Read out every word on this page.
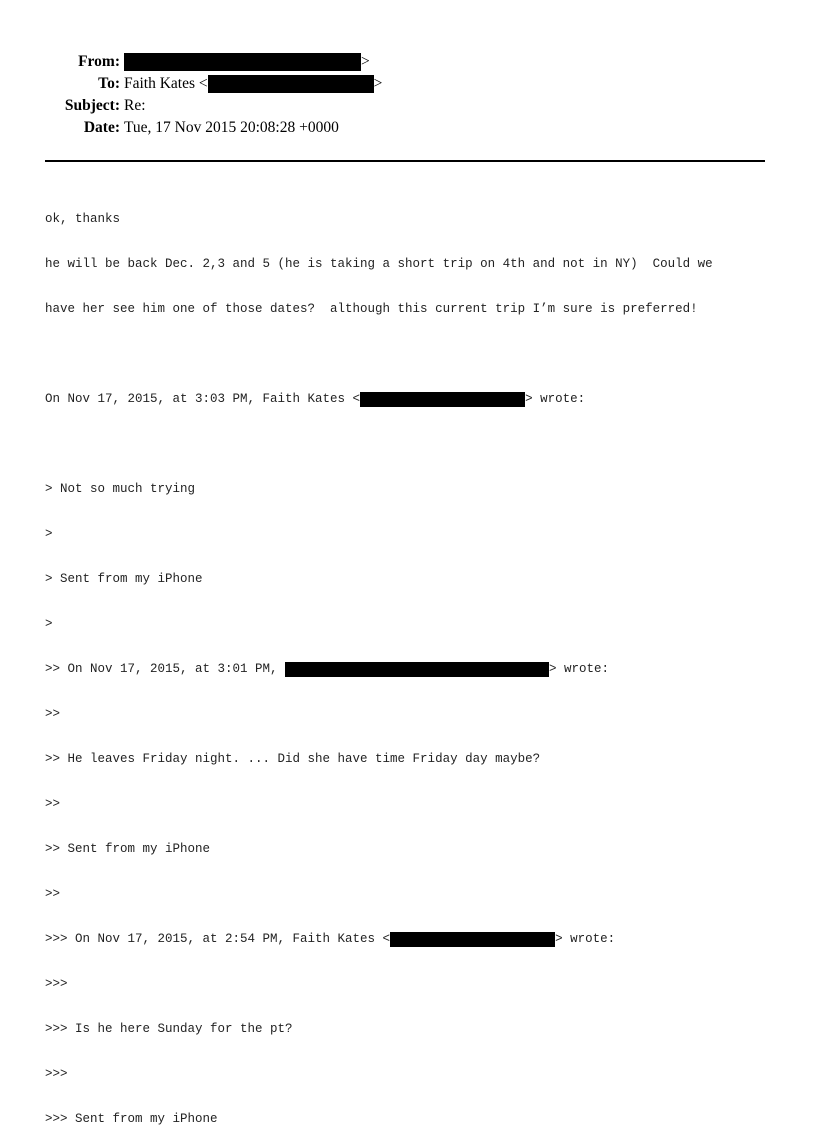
From:	>
To: Faith Kates <	>
Subject: Re:
Date: Tue, 17 Nov 2015 20:08:28 +0000

ok, thanks

he will be back Dec. 2,3 and 5 (he is taking a short trip on 4th and not in NY)  Could we

have her see him one of those dates?  although this current trip I’m sure is preferred!

On Nov 17, 2015, at 3:03 PM, Faith Kates <	> wrote:

> Not so much trying

>

> Sent from my iPhone

>

>> On Nov 17, 2015, at 3:01 PM,	> wrote:

>>

>> He leaves Friday night. ... Did she have time Friday day maybe?

>>

>> Sent from my iPhone

>>

>>> On Nov 17, 2015, at 2:54 PM, Faith Kates <	> wrote:

>>>

>>> Is he here Sunday for the pt?

>>>

>>> Sent from my iPhone
